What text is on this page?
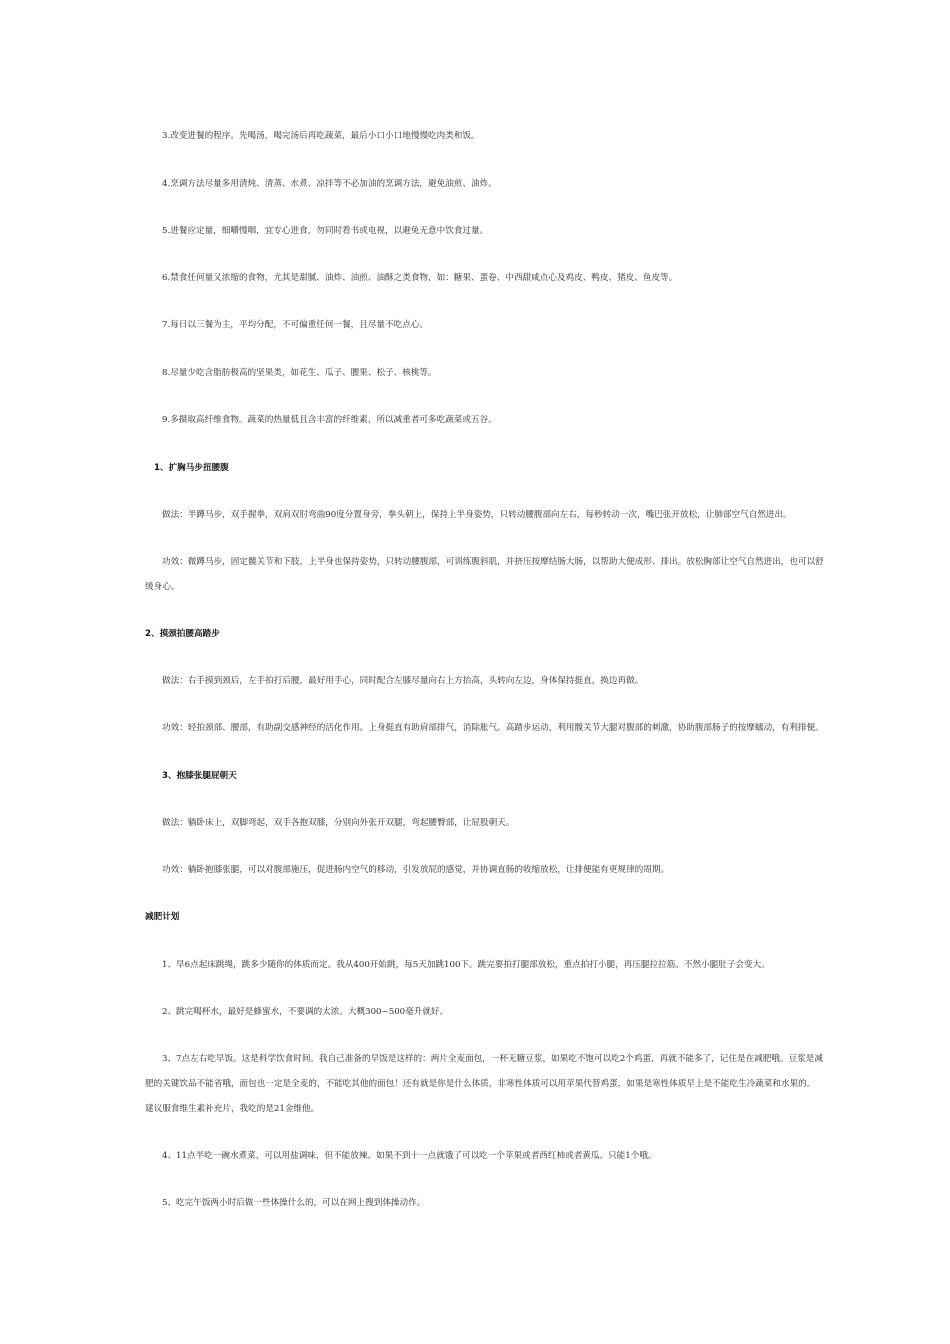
3.改变进餐的程序。先喝汤，喝完汤后再吃蔬菜，最后小口小口地慢慢吃肉类和饭。
4.烹调方法尽量多用清炖、清蒸、水煮、凉拌等不必加油的烹调方法，避免油煎、油炸。
5.进餐应定量，细嚼慢咽，宜专心进食，勿同时看书或电视，以避免无意中饮食过量。
6.禁食任何量又浓缩的食物，尤其是甜腻、油炸、油煎、油酥之类食物，如：糖果、蛋卷、中西甜咸点心及鸡皮、鸭皮、猪皮、鱼皮等。
7.每日以三餐为主，平均分配，不可偏重任何一餐，且尽量不吃点心。
8.尽量少吃含脂肪极高的坚果类，如花生、瓜子、腰果、松子、核桃等。
9.多摄取高纤维食物。蔬菜的热量低且含丰富的纤维素，所以减重者可多吃蔬菜或五谷。
1、扩胸马步扭腰腹
做法：半蹲马步，双手握拳，双肩双肘弯曲90度分置身旁，拳头朝上，保持上半身姿势，只转动腰腹部向左右，每秒转动一次，嘴巴张开放松，让肺部空气自然进出。
功效：微蹲马步，固定髋关节和下肢，上半身也保持姿势，只转动腰腹部，可训练腹斜肌，并挤压按摩结肠大肠，以帮助大便成形、排出。放松胸部让空气自然进出，也可以舒
缓身心。
2、摸颈拍腰高踏步
做法：右手摸到颈后，左手拍打后腰，最好用手心，同时配合左膝尽量向右上方抬高，头转向左边，身体保持挺直，换边再做。
功效：轻拍颈部、腰部，有助副交感神经的活化作用。上身挺直有助肩部排气，消除胀气。高踏步运动，利用髋关节大腿对腹部的刺激，协助腹部肠子的按摩蠕动，有利排便。
3、抱膝张腿屁朝天
做法：躺卧床上，双脚弯起，双手各抱双膝，分别向外张开双腿，弯起腰臀部，让屁股朝天。
功效：躺卧抱膝张腿，可以对腹部施压，促进肠内空气的移动，引发放屁的感觉，并协调直肠的收缩放松，让排便能有更规律的周期。
减肥计划
1、早6点起床跳绳，跳多少随你的体质而定。我从400开始跳，每5天加跳100下。跳完要拍打腿部放松，重点拍打小腿，再压腿拉拉筋。不然小腿肚子会变大。
2、跳完喝杯水，最好是蜂蜜水，不要调的太浓。大概300~500毫升就好。
3、7点左右吃早饭。这是科学饮食时间。我自己准备的早饭是这样的：两片全麦面包，一杯无糖豆浆，如果吃不饱可以吃2个鸡蛋，再就不能多了，记住是在减肥哦。豆浆是减
肥的关键饮品不能省哦，面包也一定是全麦的，不能吃其他的面包！还有就是你是什么体质，非寒性体质可以用苹果代替鸡蛋，如果是寒性体质早上是不能吃生冷蔬菜和水果的。
建议服食维生素补充片，我吃的是21金维他。
4、11点半吃一碗水煮菜，可以用盐调味，但不能放辣。如果不到十一点就饿了可以吃一个苹果或者西红柿或者黄瓜。只能1个哦。
5、吃完午饭两小时后做一些体操什么的，可以在网上搜到体操动作。
